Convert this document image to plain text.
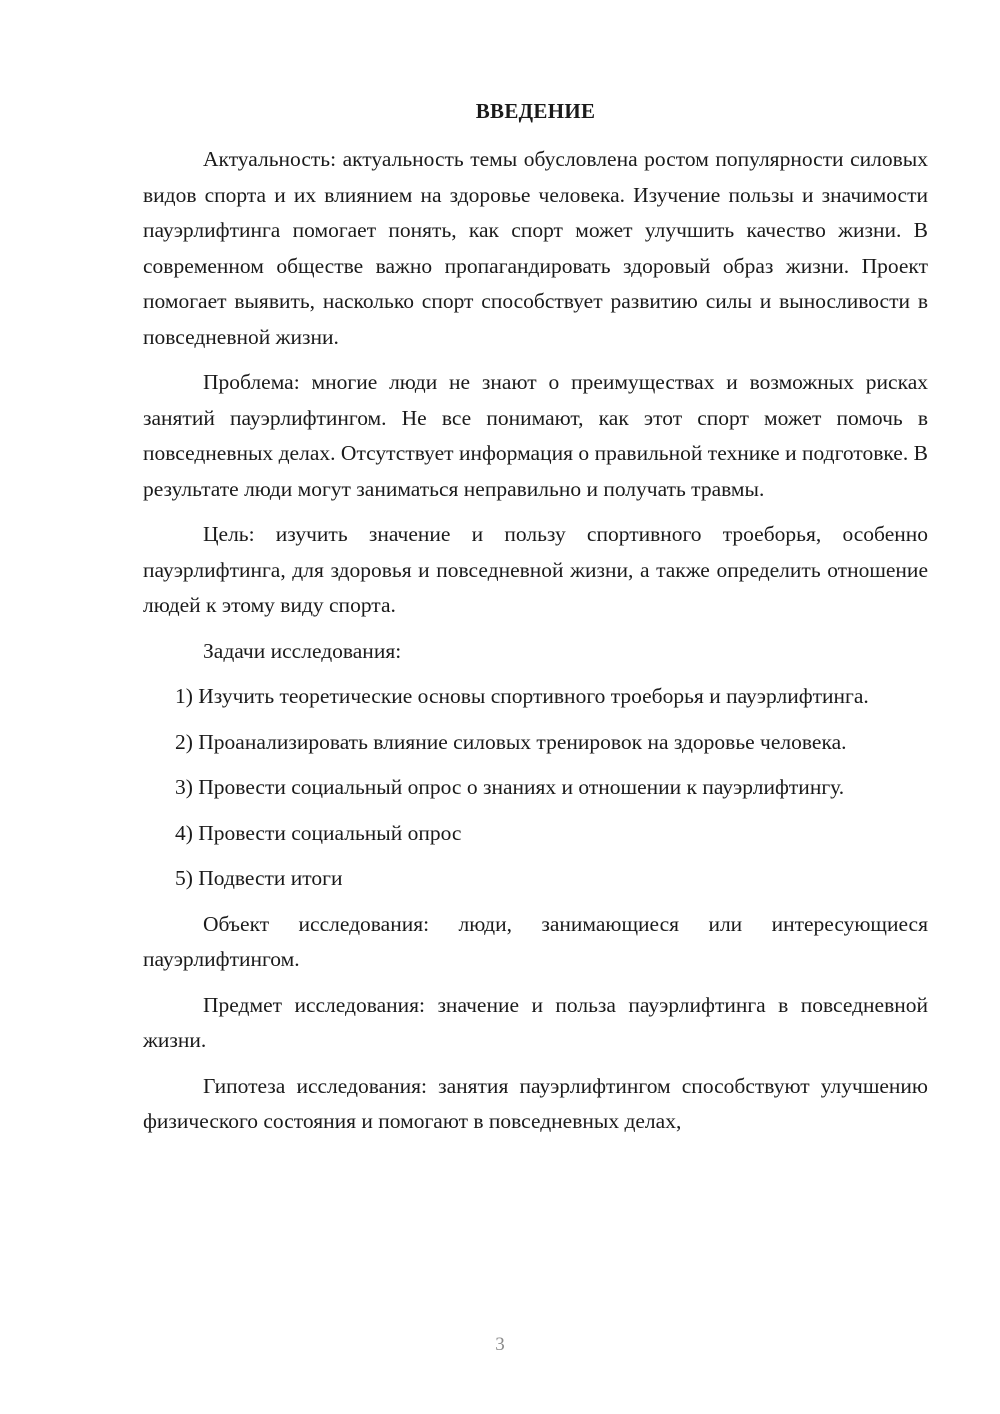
ВВЕДЕНИЕ

Актуальность: актуальность темы обусловлена ростом популярности силовых видов спорта и их влиянием на здоровье человека. Изучение пользы и значимости пауэрлифтинга помогает понять, как спорт может улучшить качество жизни. В современном обществе важно пропагандировать здоровый образ жизни. Проект помогает выявить, насколько спорт способствует развитию силы и выносливости в повседневной жизни.

Проблема: многие люди не знают о преимуществах и возможных рисках занятий пауэрлифтингом. Не все понимают, как этот спорт может помочь в повседневных делах. Отсутствует информация о правильной технике и подготовке. В результате люди могут заниматься неправильно и получать травмы.

Цель: изучить значение и пользу спортивного троеборья, особенно пауэрлифтинга, для здоровья и повседневной жизни, а также определить отношение людей к этому виду спорта.

Задачи исследования:

1) Изучить теоретические основы спортивного троеборья и пауэрлифтинга.

2) Проанализировать влияние силовых тренировок на здоровье человека.

3) Провести социальный опрос о знаниях и отношении к пауэрлифтингу.

4) Провести социальный опрос

5) Подвести итоги

Объект исследования: люди, занимающиеся или интересующиеся пауэрлифтингом.

Предмет исследования: значение и польза пауэрлифтинга в повседневной жизни.

Гипотеза исследования: занятия пауэрлифтингом способствуют улучшению физического состояния и помогают в повседневных делах,

3
